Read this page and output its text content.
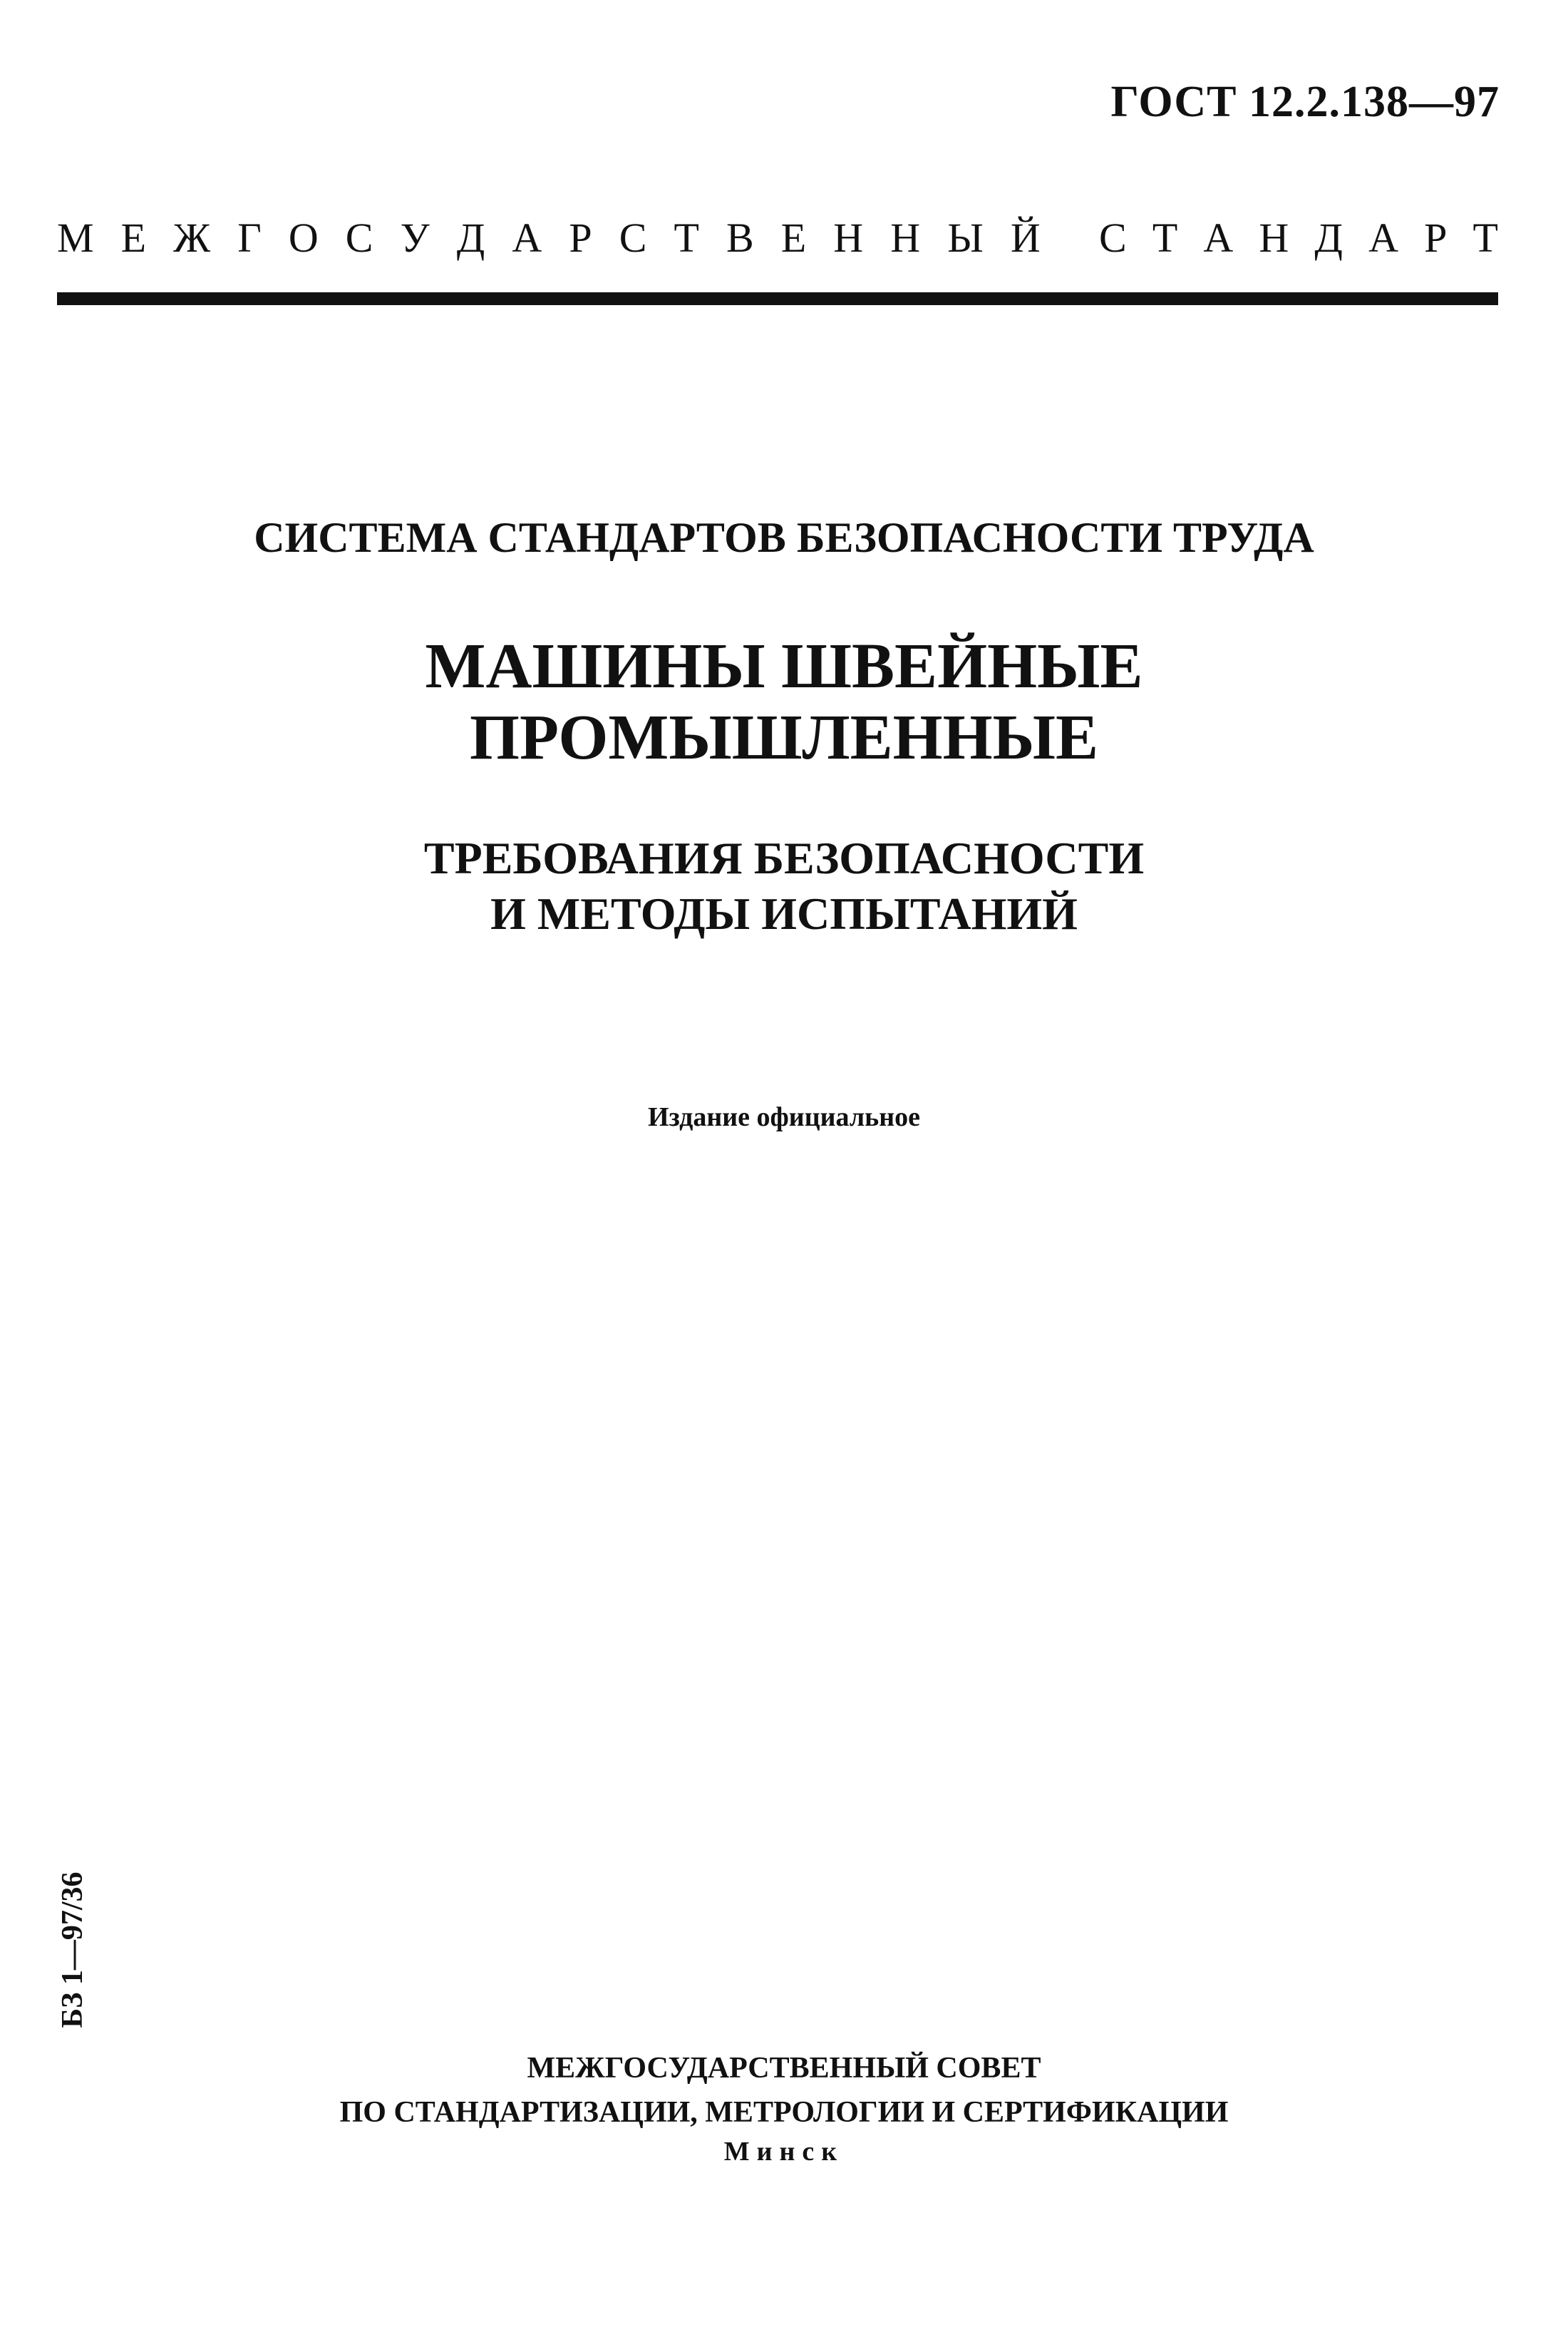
ГОСТ 12.2.138—97
М Е Ж Г О С У Д А Р С Т В Е Н Н Ы Й С Т А Н Д А Р Т
СИСТЕМА СТАНДАРТОВ БЕЗОПАСНОСТИ ТРУДА
МАШИНЫ ШВЕЙНЫЕ
ПРОМЫШЛЕННЫЕ
ТРЕБОВАНИЯ БЕЗОПАСНОСТИ
И МЕТОДЫ ИСПЫТАНИЙ
Издание официальное
БЗ 1—97/36
МЕЖГОСУДАРСТВЕННЫЙ СОВЕТ
ПО СТАНДАРТИЗАЦИИ, МЕТРОЛОГИИ И СЕРТИФИКАЦИИ
Минск
